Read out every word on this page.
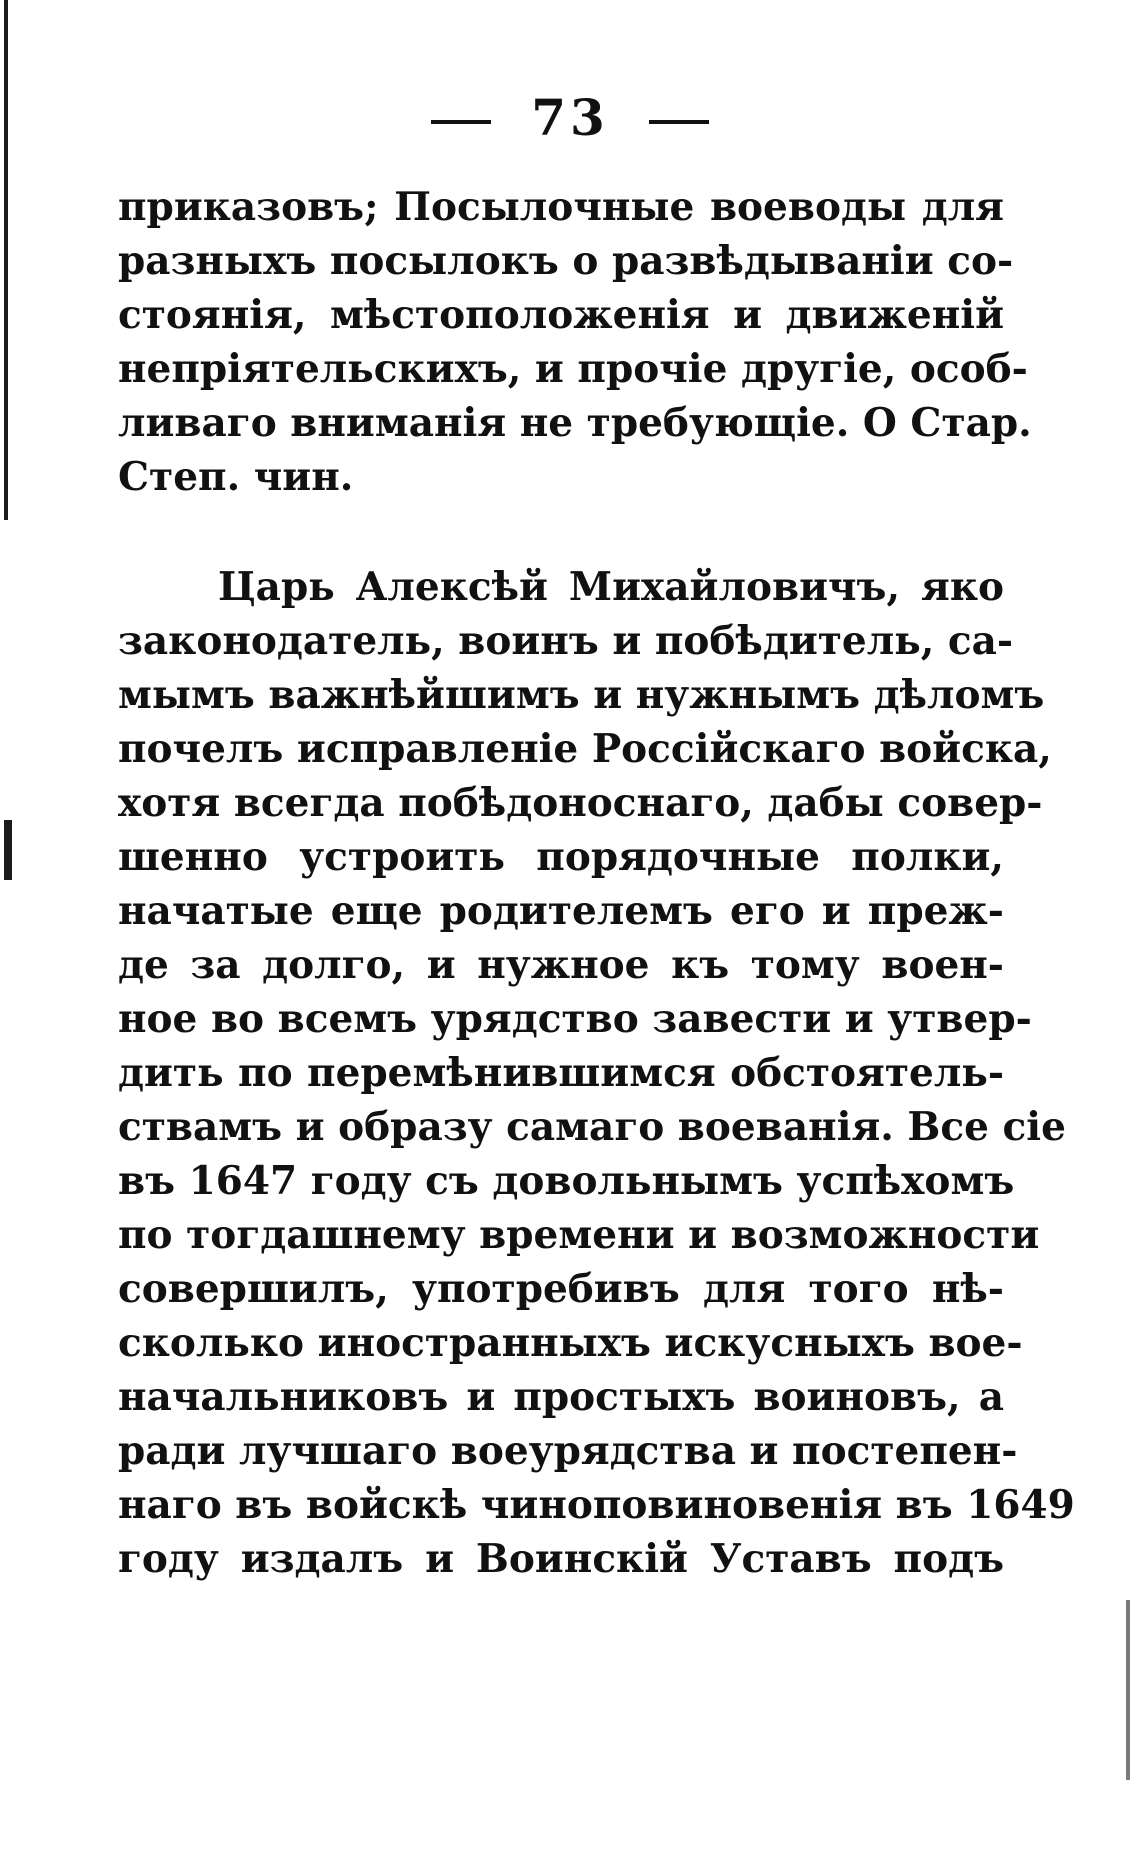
73
приказовъ; Посылочные воеводы для
разныхъ посылокъ о развѣдыванiи со-
стоянiя, мѣстоположенiя и движенiй
непрiятельскихъ, и прочiе другiе, особ-
ливаго вниманiя не требующiе. О Стар.
Степ. чин.
Царь Алексѣй Михайловичъ, яко
законодатель, воинъ и побѣдитель, са-
мымъ важнѣйшимъ и нужнымъ дѣломъ
почелъ исправленiе Россiйскаго войска,
хотя всегда побѣдоноснаго, дабы совер-
шенно устроить порядочные полки,
начатые еще родителемъ его и преж-
де за долго, и нужное къ тому воен-
ное во всемъ урядство завести и утвер-
дить по перемѣнившимся обстоятель-
ствамъ и образу самаго воеванiя. Все сiе
въ 1647 году съ довольнымъ успѣхомъ
по тогдашнему времени и возможности
совершилъ, употребивъ для того нѣ-
сколько иностранныхъ искусныхъ вое-
начальниковъ и простыхъ воиновъ, а
ради лучшаго воеурядства и постепен-
наго въ войскѣ чиноповиновенiя въ 1649
году издалъ и Воинскiй Уставъ подъ
